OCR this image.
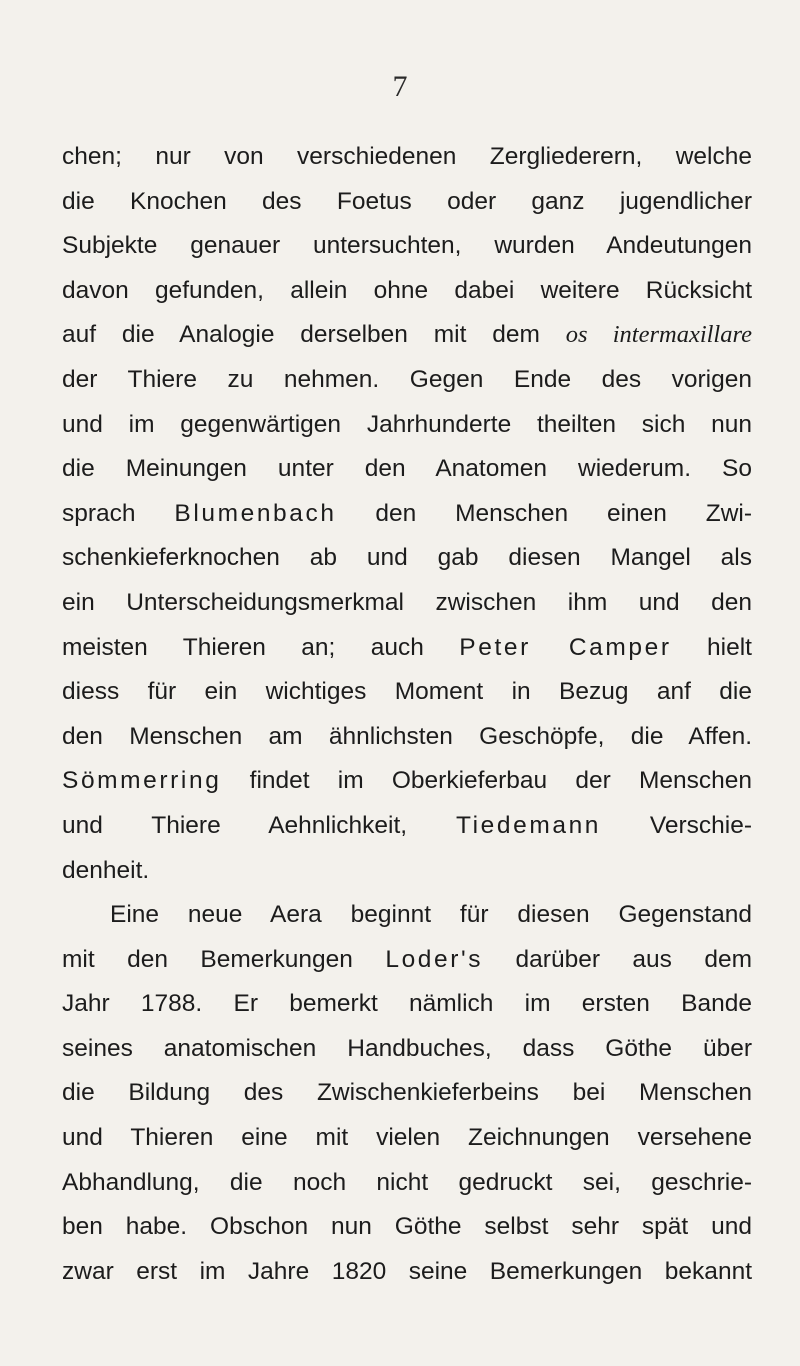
7
chen; nur von verschiedenen Zergliederern, welche
die Knochen des Foetus oder ganz jugendlicher
Subjekte genauer untersuchten, wurden Andeutungen
davon gefunden, allein ohne dabei weitere Rücksicht
auf die Analogie derselben mit dem os intermaxillare
der Thiere zu nehmen. Gegen Ende des vorigen
und im gegenwärtigen Jahrhunderte theilten sich nun
die Meinungen unter den Anatomen wiederum. So
sprach Blumenbach den Menschen einen Zwi-
schenkieferknochen ab und gab diesen Mangel als
ein Unterscheidungsmerkmal zwischen ihm und den
meisten Thieren an; auch Peter Camper hielt
diess für ein wichtiges Moment in Bezug anf die
den Menschen am ähnlichsten Geschöpfe, die Affen.
Sömmerring findet im Oberkieferbau der Menschen
und Thiere Aehnlichkeit, Tiedemann Verschie-
denheit.
Eine neue Aera beginnt für diesen Gegenstand
mit den Bemerkungen Loder's darüber aus dem
Jahr 1788. Er bemerkt nämlich im ersten Bande
seines anatomischen Handbuches, dass Göthe über
die Bildung des Zwischenkieferbeins bei Menschen
und Thieren eine mit vielen Zeichnungen versehene
Abhandlung, die noch nicht gedruckt sei, geschrie-
ben habe. Obschon nun Göthe selbst sehr spät und
zwar erst im Jahre 1820 seine Bemerkungen bekannt
